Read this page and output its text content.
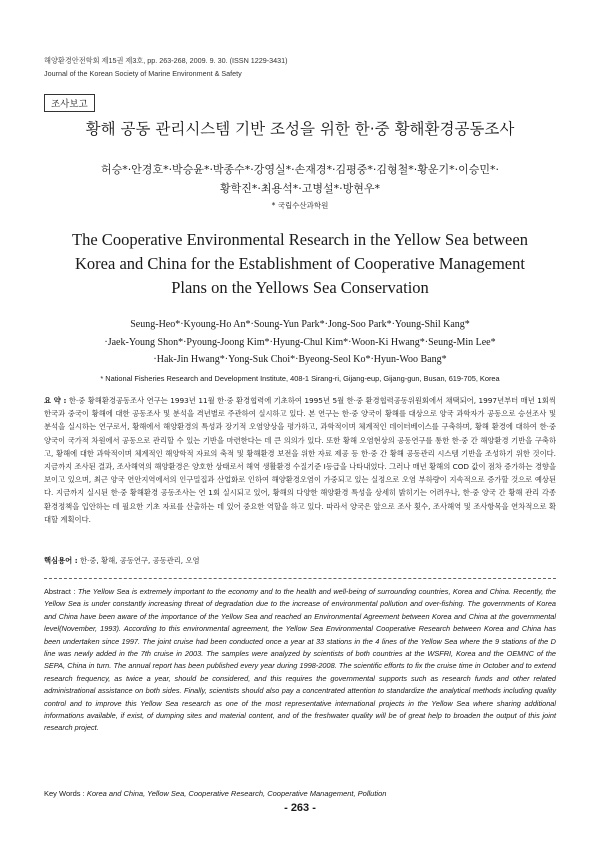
해양환경안전학회 제15권 제3호, pp. 263-268, 2009. 9. 30. (ISSN 1229-3431)
Journal of the Korean Society of Marine Environment & Safety
조사보고
황해 공동 관리시스템 기반 조성을 위한 한·중 황해환경공동조사
허승*·안경호*·박승윤*·박종수*·강영실*·손재경*·김평중*·김형철*·황운기*·이승민*·
황학진*·최용석*·고병설*·방현우*
* 국립수산과학원
The Cooperative Environmental Research in the Yellow Sea between
Korea and China for the Establishment of Cooperative Management
Plans on the Yellows Sea Conservation
Seung-Heo*·Kyoung-Ho An*·Soung-Yun Park*·Jong-Soo Park*·Young-Shil Kang*
·Jaek-Young Shon*·Pyoung-Joong Kim*·Hyung-Chul Kim*·Woon-Ki Hwang*·Seung-Min Lee*
·Hak-Jin Hwang*·Yong-Suk Choi*·Byeong-Seol Ko*·Hyun-Woo Bang*
* National Fisheries Research and Development Institute, 408-1 Sirang-ri, Gijang-eup, Gijang-gun, Busan, 619-705, Korea
요 약 : 한·중 황해환경공동조사 연구는 1993년 11월 한·중 환경협력에 기초하여 1995년 5월 한·중 환경협력공동위원회에서 채택되어, 1997년부터 매년 1회씩 한국과 중국이 황해에 대한 공동조사 및 분석을 격년별로 주관하여 실시하고 있다. 본 연구는 한·중 양국이 황해를 대상으로 양국 과학자가 공동으로 승선조사 및 분석을 실시하는 연구로서, 황해에서 해양환경의 특성과 장기적 오염양상을 평가하고, 과학적이며 체계적인 데이터베이스를 구축하며, 황해 환경에 대하여 한·중 양국이 국가적 차원에서 공동으로 관리할 수 있는 기반을 마련한다는 데 큰 의의가 있다. 또한 황해 오염현상의 공동연구를 통한 한·중 간 해양환경 기반을 구축하고, 황해에 대한 과학적이며 체계적인 해양학적 자료의 축적 및 황해환경 보전을 위한 자료 제공 등 한·중 간 황해 공동관리 시스템 기반을 조성하기 위한 것이다. 지금까지 조사된 결과, 조사해역의 해양환경은 양호한 상태로서 해역 생활환경 수질기준 I등급을 나타내었다. 그러나 매년 황해의 COD 값이 점차 증가하는 경향을 보이고 있으며, 최근 양국 연안지역에서의 인구밀집과 산업화로 인하여 해양환경오염이 가중되고 있는 실정으로 오염 부하량이 지속적으로 증가할 것으로 예상된다. 지금까지 실시된 한·중 황해환경 공동조사는 연 1회 실시되고 있어, 황해의 다양한 해양환경 특성을 상세히 밝히기는 어려우나, 한·중 양국 간 황해 관리 각종 환경정책을 입안하는 데 필요한 기초 자료를 산출하는 데 있어 중요한 역할을 하고 있다. 따라서 양국은 앞으로 조사 횟수, 조사해역 및 조사항목을 연차적으로 확대할 계획이다.
핵심용어 : 한·중, 황해, 공동연구, 공동관리, 오염
Abstract : The Yellow Sea is extremely important to the economy and to the health and well-being of surrounding countries, Korea and China. Recently, the Yellow Sea is under constantly increasing threat of degradation due to the increase of environmental pollution and over-fishing. The governments of Korea and China have been aware of the importance of the Yellow Sea and reached an Environmental Agreement between Korea and China at the governmental level(November, 1993). According to this environmental agreement, the Yellow Sea Environmental Cooperative Research between Korea and China has been undertaken since 1997. The joint cruise had been conducted once a year at 33 stations in the 4 lines of the Yellow Sea where the 9 stations of the D line was newly added in the 7th cruise in 2003. The samples were analyzed by scientists of both countries at the WSFRI, Korea and the OEMNC of the SEPA, China in turn. The annual report has been published every year during 1998-2008. The scientific efforts to fix the cruise time in October and to extend research frequency, as twice a year, should be considered, and this requires the governmental supports such as research funds and other related administrational assistance on both sides. Finally, scientists should also pay a concentrated attention to standardize the analytical methods including quality control and to improve this Yellow Sea research as one of the most representative international projects in the Yellow Sea where sharing additional informations available, if exist, of dumping sites and material content, and of the freshwater quality will be of great help to broaden the output of this joint research project.
Key Words : Korea and China, Yellow Sea, Cooperative Research, Cooperative Management, Pollution
- 263 -
